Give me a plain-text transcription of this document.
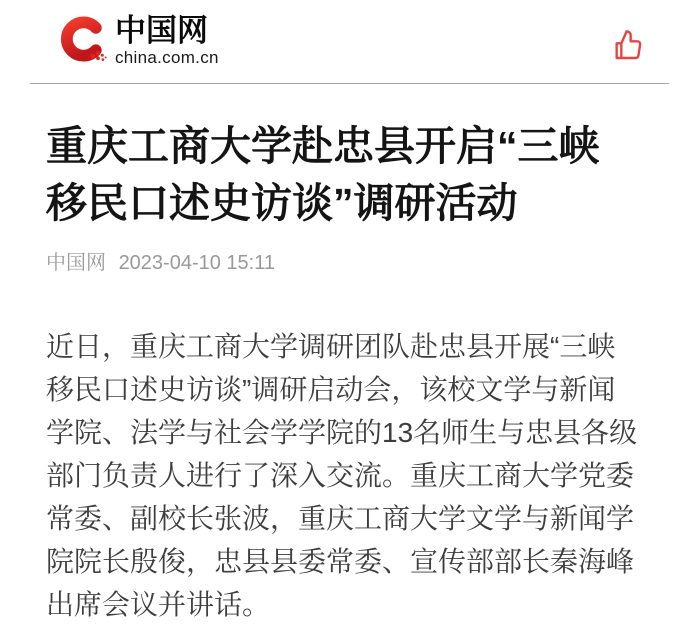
中国网
china.com.cn
重庆工商大学赴忠县开启“三峡
移民口述史访谈”调研活动
中国网 2023-04-10 15:11
近日，重庆工商大学调研团队赴忠县开展“三峡
移民口述史访谈”调研启动会，该校文学与新闻
学院、法学与社会学学院的13名师生与忠县各级
部门负责人进行了深入交流。重庆工商大学党委
常委、副校长张波，重庆工商大学文学与新闻学
院院长殷俊，忠县县委常委、宣传部部长秦海峰
出席会议并讲话。
